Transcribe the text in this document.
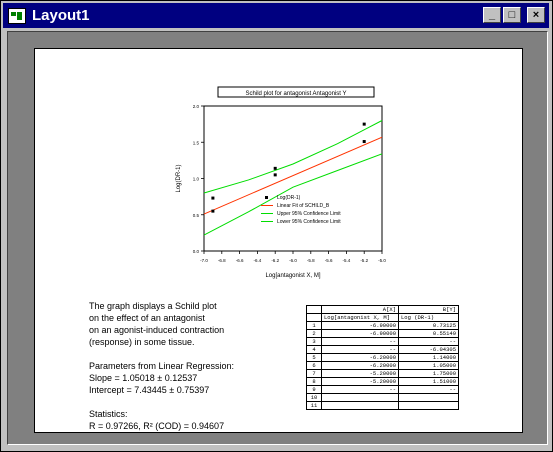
Layout1	_	□	×
Schild plot for antagonist Antagonist Y
-7.0 -6.8 -6.6 -6.4 -6.2 -6.0 -5.8 -5.6 -5.4 -5.2 -5.0
0.0
0.5
1.0
1.5
2.0
Log[antagonist X, M]
Log(DR-1)
Log(DR-1)
Linear Fit of SCHILD_B
Upper 95% Confidence Limit
Lower 95% Confidence Limit
The graph displays a Schild plot
on the effect of an antagonist
on an agonist-induced contraction
(response) in some tissue.
Parameters from Linear Regression:
Slope = 1.05018 ± 0.12537
Intercept = 7.43445 ± 0.75397
Statistics:
R = 0.97266, R² (COD) = 0.94607
	A[X]	B[Y]
	Log[antagonist X, M]	Log (DR-1)
1	-6.90000	0.73125
2	-6.90000	0.55149
3	--	--
4	--	-6.04305
5	-6.20000	1.14000
6	-6.20000	1.05000
7	-5.20000	1.75000
8	-5.20000	1.51000
9	--	--
10		
11		
